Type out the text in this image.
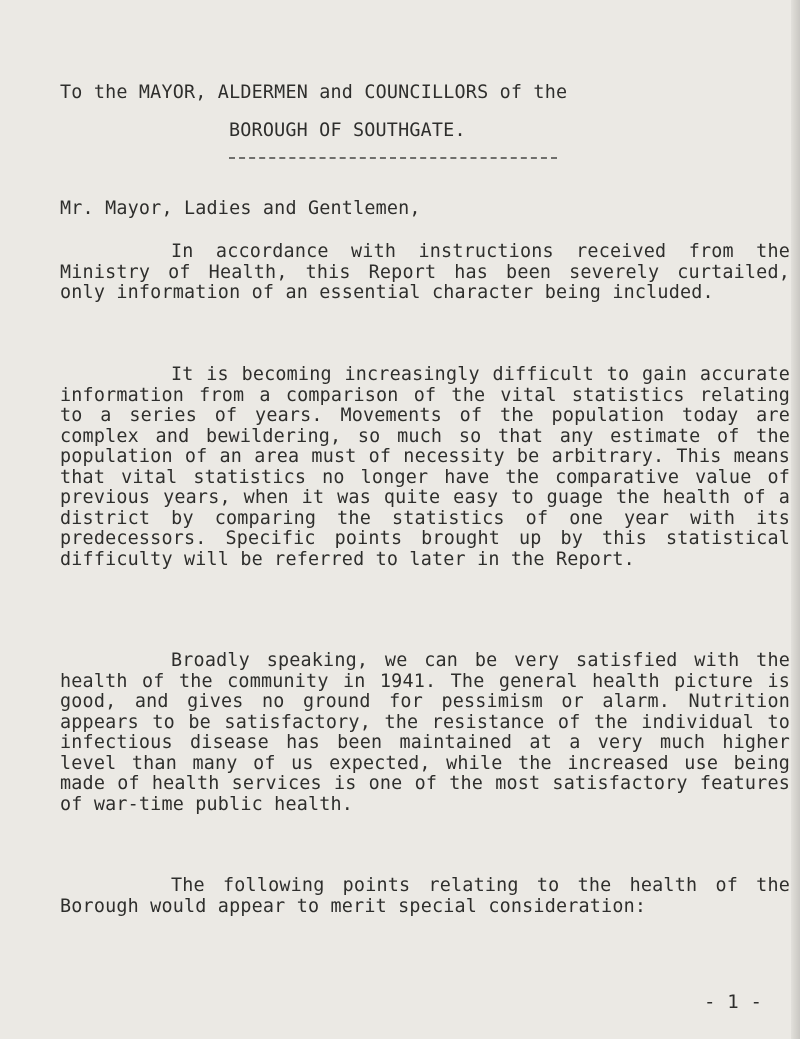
To the MAYOR, ALDERMEN and COUNCILLORS of the
BOROUGH OF SOUTHGATE.
Mr. Mayor, Ladies and Gentlemen,

In accordance with instructions received from the Ministry of Health, this Report has been severely curtailed, only information of an essential character being included.

It is becoming increasingly difficult to gain accurate information from a comparison of the vital statistics relating to a series of years. Movements of the population today are complex and bewildering, so much so that any estimate of the population of an area must of necessity be arbitrary. This means that vital statistics no longer have the comparative value of previous years, when it was quite easy to guage the health of a district by comparing the statistics of one year with its predecessors. Specific points brought up by this statistical difficulty will be referred to later in the Report.

Broadly speaking, we can be very satisfied with the health of the community in 1941. The general health picture is good, and gives no ground for pessimism or alarm. Nutrition appears to be satisfactory, the resistance of the individual to infectious disease has been maintained at a very much higher level than many of us expected, while the increased use being made of health services is one of the most satisfactory features of war-time public health.

The following points relating to the health of the Borough would appear to merit special consideration:

- 1 -
